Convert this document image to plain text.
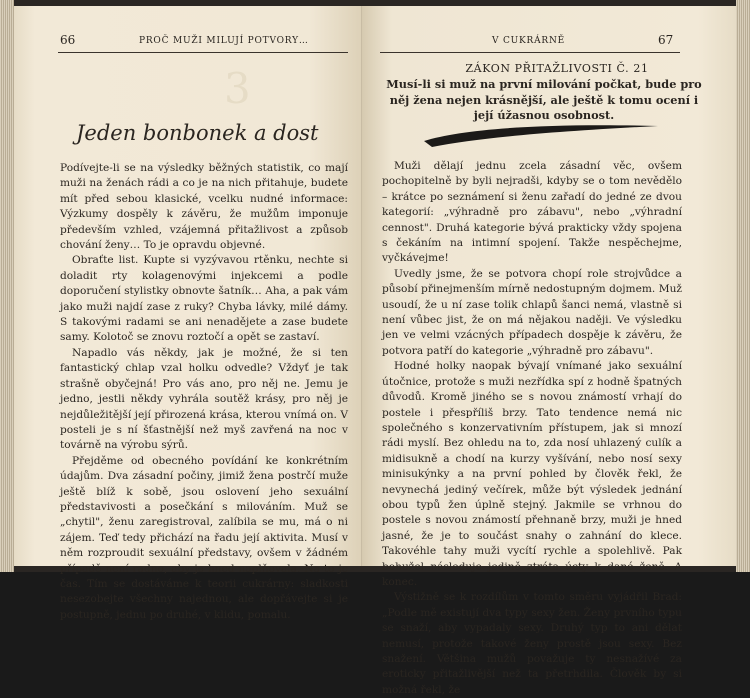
66	PROČ MUŽI MILUJÍ POTVORY…
3
Jeden bonbonek a dost

Podívejte-li se na výsledky běžných statistik, co mají muži na ženách rádi a co je na nich přitahuje, budete mít před sebou klasické, vcelku nudné informace: Výzkumy dospěly k závěru, že mužům imponuje především vzhled, vzájemná přitažlivost a způsob chování ženy… To je opravdu objevné.

Obraťte list. Kupte si vyzývavou rtěnku, nechte si doladit rty kolagenovými injekcemi a podle doporučení stylistky obnovte šatník… Aha, a pak vám jako muži najdí zase z ruky? Chyba lávky, milé dámy. S takovými radami se ani nenadějete a zase budete samy. Kolotoč se znovu roztočí a opět se zastaví.

Napadlo vás někdy, jak je možné, že si ten fantastický chlap vzal holku odvedle? Vždyť je tak strašně obyčejná! Pro vás ano, pro něj ne. Jemu je jedno, jestli někdy vyhrála soutěž krásy, pro něj je nejdůležitější její přirozená krása, kterou vnímá on. V posteli je s ní šťastnější než myš zavřená na noc v továrně na výrobu sýrů.

Přejděme od obecného povídání ke konkrétním údajům. Dva zásadní počiny, jimiž žena postrčí muže ještě blíž k sobě, jsou oslovení jeho sexuální představivosti a posečkání s milováním. Muž se „chytil", ženu zaregistroval, zalíbila se mu, má o ni zájem. Teď tedy přichází na řadu její aktivita. Musí v něm rozproudit sexuální představy, ovšem v žádném případě není radno, aby je hned naplňovala. Na to je čas. Tím se dostáváme k teorii cukrárny: sladkosti nesezobejte všechny najednou, ale dopřávejte si je postupně, jednu po druhé, v klidu, pomalu.

V CUKRÁRNĚ	67
ZÁKON PŘITAŽLIVOSTI Č. 21
Musí-li si muž na první milování počkat, bude pro něj žena nejen krásnější, ale ještě k tomu ocení i její úžasnou osobnost.

Muži dělají jednu zcela zásadní věc, ovšem pochopitelně by byli nejradši, kdyby se o tom nevědělo – krátce po seznámení si ženu zařadí do jedné ze dvou kategorií: „výhradně pro zábavu", nebo „výhradní cennost". Druhá kategorie bývá prakticky vždy spojena s čekáním na intimní spojení. Takže nespěchejme, vyčkávejme!

Uvedly jsme, že se potvora chopí role strojvůdce a působí přinejmenším mírně nedostupným dojmem. Muž usoudí, že u ní zase tolik chlapů šanci nemá, vlastně si není vůbec jist, že on má nějakou naději. Ve výsledku jen ve velmi vzácných případech dospěje k závěru, že potvora patří do kategorie „výhradně pro zábavu".

Hodné holky naopak bývají vnímané jako sexuální útočnice, protože s muži nezřídka spí z hodně špatných důvodů. Kromě jiného se s novou známostí vrhají do postele i přespříliš brzy. Tato tendence nemá nic společného s konzervativním přístupem, jak si mnozí rádi myslí. Bez ohledu na to, zda nosí uhlazený culík a midisukně a chodí na kurzy vyšívání, nebo nosí sexy minisukýnky a na první pohled by člověk řekl, že nevynechá jediný večírek, může být výsledek jednání obou typů žen úplně stejný. Jakmile se vrhnou do postele s novou známostí přehnaně brzy, muži je hned jasné, že je to součást snahy o zahnání do klece. Takovéhle tahy muži vycítí rychle a spolehlivě. Pak bohužel následuje jedině ztráta úcty k dané ženě. A konec.

Výstižně se k rozdílům v tomto směru vyjádřil Brad: „Podle mě existují dva typy sexy žen. Ženy prvního typu se snaží, aby vypadaly sexy. Druhý typ to ani dělat nemusí, protože takové ženy prostě jsou sexy. Bez snažení. Většina mužů považuje ty nesnažívé za eroticky přitažlivější než ta přetrhdila. Člověk by si možná řekl, že
